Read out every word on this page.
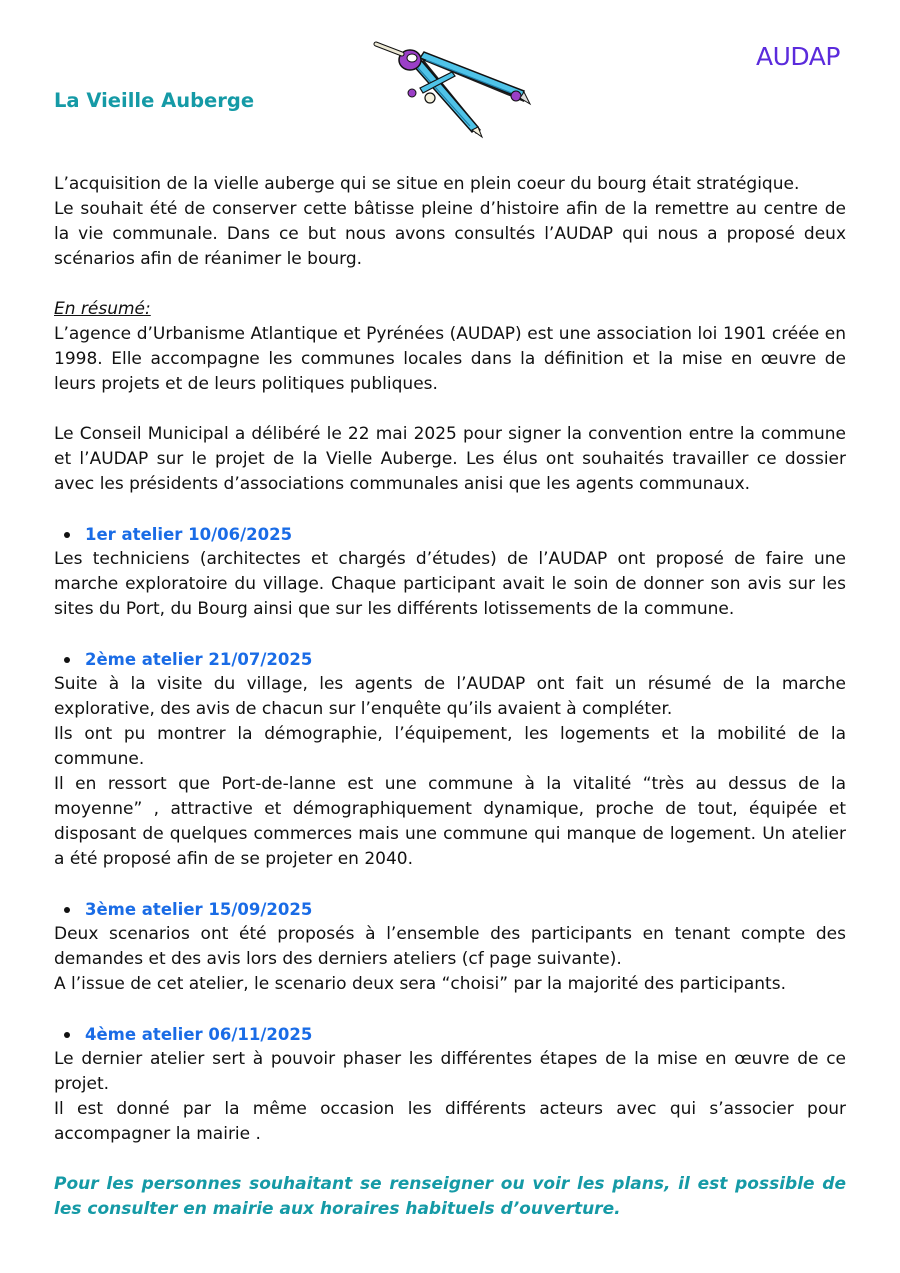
AUDAP
La Vieille Auberge

L’acquisition de la vielle auberge qui se situe en plein coeur du bourg était stratégique.

Le souhait été de conserver cette bâtisse pleine d’histoire afin de la remettre au centre de la vie communale. Dans ce but nous avons consultés l’AUDAP qui nous a proposé deux scénarios afin de réanimer le bourg.

En résumé:

L’agence d’Urbanisme Atlantique et Pyrénées (AUDAP) est une association loi 1901 créée en 1998. Elle accompagne les communes locales dans la définition et la mise en œuvre de leurs projets et de leurs politiques publiques.

Le Conseil Municipal a délibéré le 22 mai 2025 pour signer la convention entre la commune et l’AUDAP sur le projet de la Vielle Auberge. Les élus ont souhaités travailler ce dossier avec les présidents d’associations communales anisi que les agents communaux.

1er atelier 10/06/2025

Les techniciens (architectes et chargés d’études) de l’AUDAP ont proposé de faire une marche exploratoire du village. Chaque participant avait le soin de donner son avis sur les sites du Port, du Bourg ainsi que sur les différents lotissements de la commune.

2ème atelier 21/07/2025

Suite à la visite du village, les agents de l’AUDAP ont fait un résumé de la marche explorative, des avis de chacun sur l’enquête qu’ils avaient à compléter.

Ils ont pu montrer la démographie, l’équipement, les logements et la mobilité de la commune.

Il en ressort que Port-de-lanne est une commune à la vitalité “très au dessus de la moyenne” , attractive et démographiquement dynamique, proche de tout, équipée et disposant de quelques commerces mais une commune qui manque de logement. Un atelier a été proposé afin de se projeter en 2040.

3ème atelier 15/09/2025

Deux scenarios ont été proposés à l’ensemble des participants en tenant compte des demandes et des avis lors des derniers ateliers (cf page suivante).

A l’issue de cet atelier, le scenario deux sera “choisi” par la majorité des participants.

4ème atelier 06/11/2025

Le dernier atelier sert à pouvoir phaser les différentes étapes de la mise en œuvre de ce projet.

Il est donné par la même occasion les différents acteurs avec qui s’associer pour accompagner la mairie .

Pour les personnes souhaitant se renseigner ou voir les plans, il est possible de les consulter en mairie aux horaires habituels d’ouverture.
